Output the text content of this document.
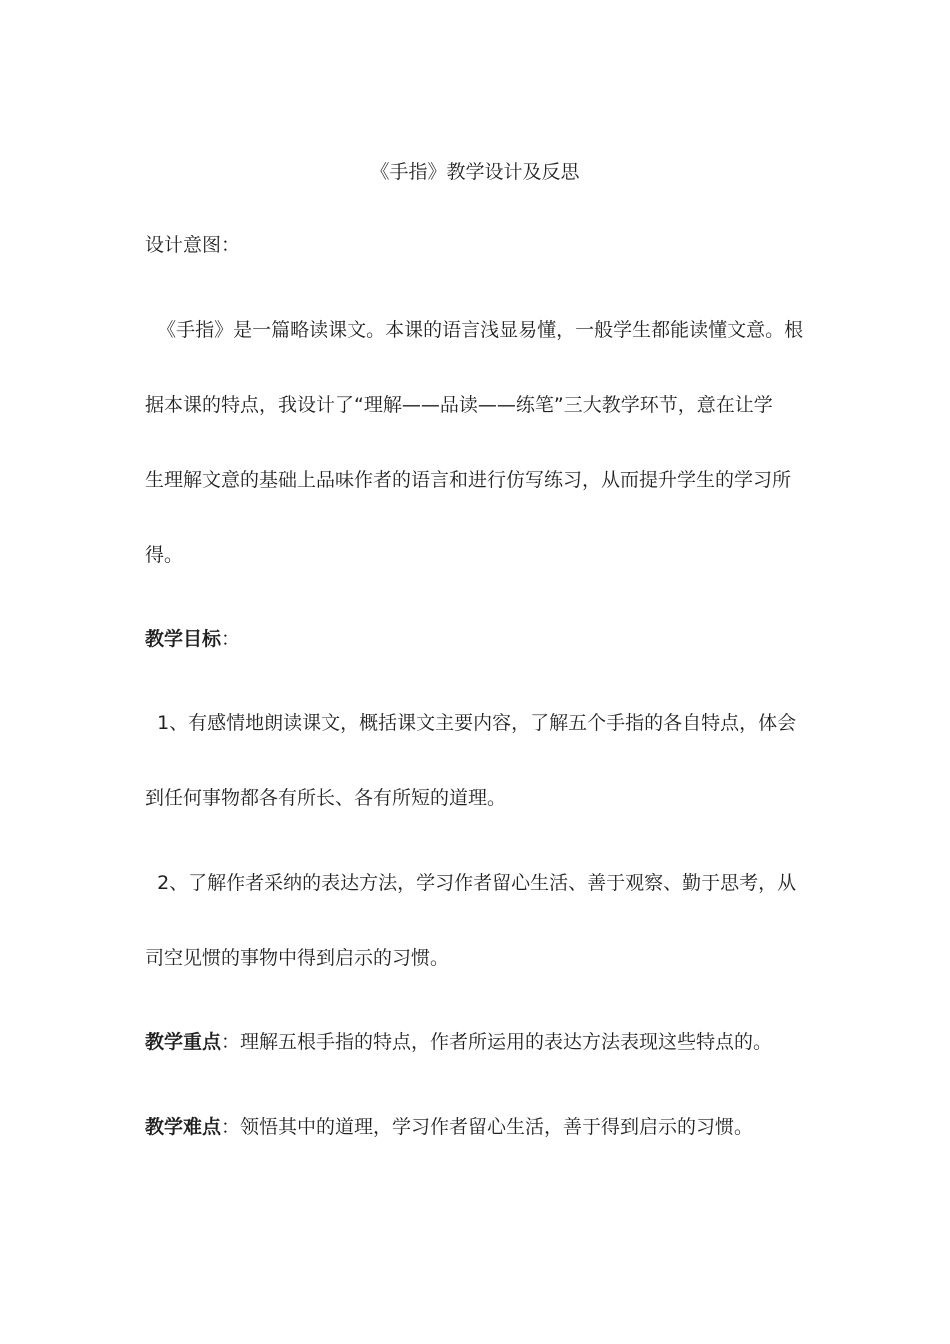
《手指》教学设计及反思
设计意图：
《手指》是一篇略读课文。本课的语言浅显易懂，一般学生都能读懂文意。根
据本课的特点，我设计了“理解——品读——练笔”三大教学环节，意在让学
生理解文意的基础上品味作者的语言和进行仿写练习，从而提升学生的学习所
得。
教学目标：
1、有感情地朗读课文，概括课文主要内容，了解五个手指的各自特点，体会
到任何事物都各有所长、各有所短的道理。
2、了解作者采纳的表达方法，学习作者留心生活、善于观察、勤于思考，从
司空见惯的事物中得到启示的习惯。
教学重点：理解五根手指的特点，作者所运用的表达方法表现这些特点的。
教学难点：领悟其中的道理，学习作者留心生活，善于得到启示的习惯。
